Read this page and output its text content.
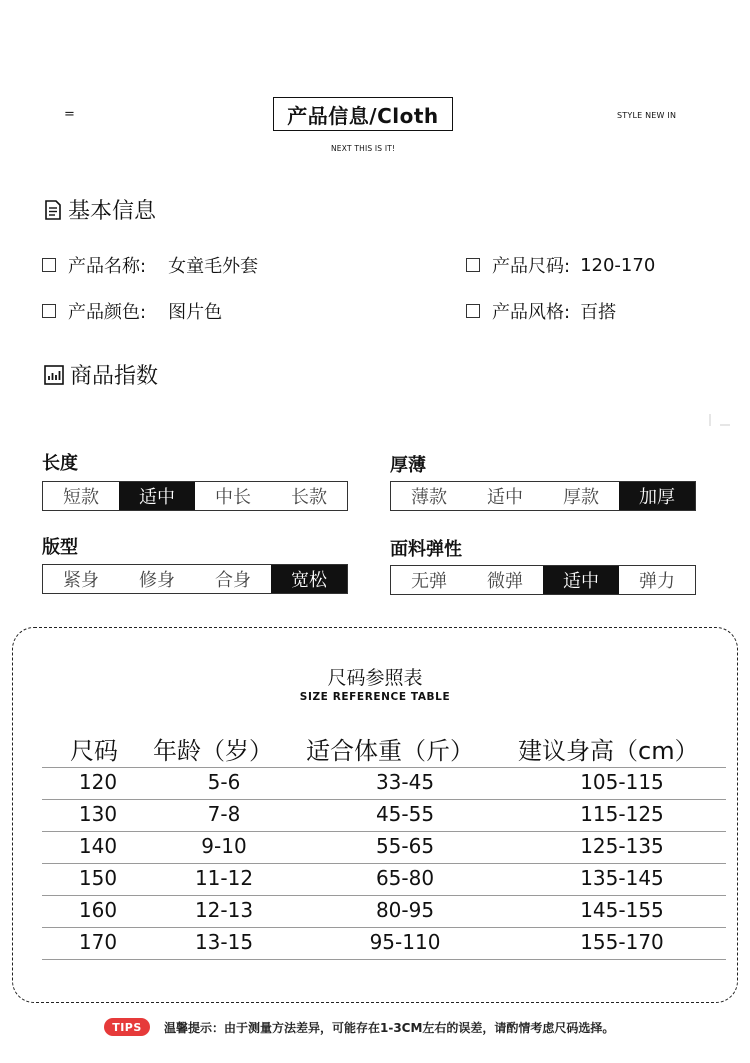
=	产品信息/Cloth	STYLE NEW IN
NEXT THIS IS IT!
基本信息
产品名称: 女童毛外套	产品尺码: 120-170
产品颜色: 图片色	产品风格: 百搭
商品指数
长度
短款	适中	中长	长款
厚薄
薄款	适中	厚款	加厚
版型
紧身	修身	合身	宽松
面料弹性
无弹	微弹	适中	弹力
尺码参照表
SIZE REFERENCE TABLE
尺码 年龄（岁） 适合体重（斤） 建议身高（cm）
120	5-6	33-45	105-115
130	7-8	45-55	115-125
140	9-10	55-65	125-135
150	11-12	65-80	135-145
160	12-13	80-95	145-155
170	13-15	95-110	155-170
TIPS	温馨提示：由于测量方法差异，可能存在1-3CM左右的误差，请酌情考虑尺码选择。
